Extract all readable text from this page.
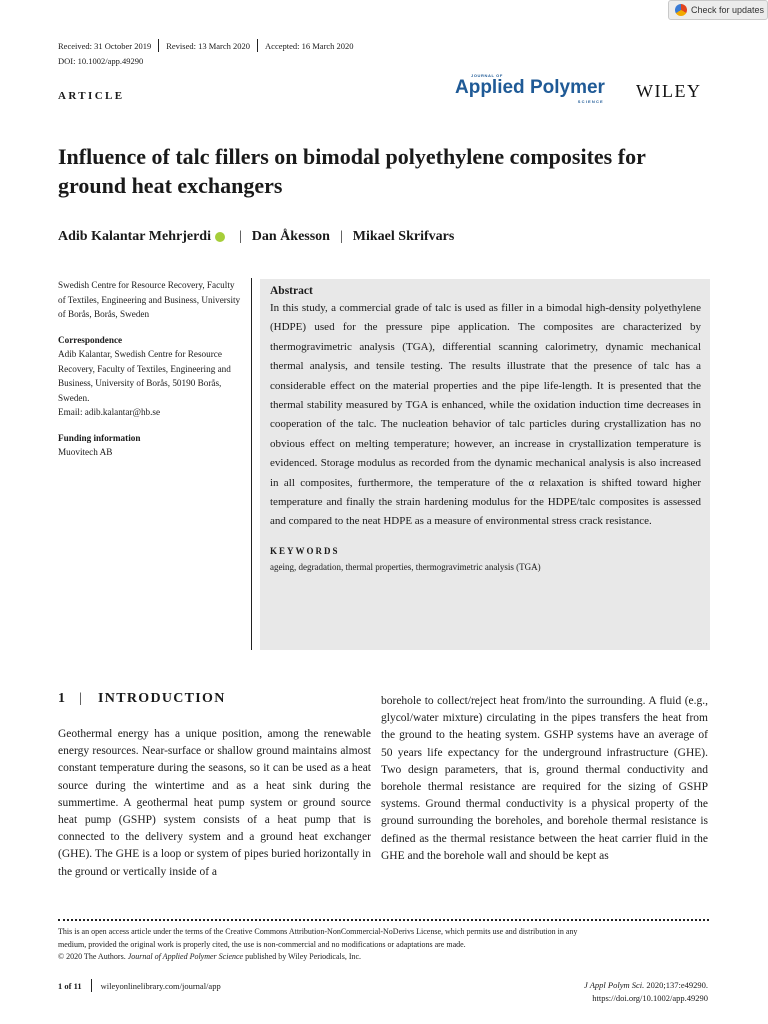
Check for updates
Received: 31 October 2019 Revised: 13 March 2020 Accepted: 16 March 2020
DOI: 10.1002/app.49290
ARTICLE
JOURNAL OF
Applied Polymer
SCIENCE
WILEY
Influence of talc fillers on bimodal polyethylene composites for ground heat exchangers
Adib Kalantar Mehrjerdi | Dan Åkesson | Mikael Skrifvars

Swedish Centre for Resource Recovery, Faculty of Textiles, Engineering and Business, University of Borås, Borås, Sweden

Correspondence
Adib Kalantar, Swedish Centre for Resource Recovery, Faculty of Textiles, Engineering and Business, University of Borås, 50190 Borås, Sweden.

Email: adib.kalantar@hb.se

Funding information
Muovitech AB
Abstract

In this study, a commercial grade of talc is used as filler in a bimodal high-density polyethylene (HDPE) used for the pressure pipe application. The composites are characterized by thermogravimetric analysis (TGA), differential scanning calorimetry, dynamic mechanical thermal analysis, and tensile testing. The results illustrate that the presence of talc has a considerable effect on the material properties and the pipe life-length. It is presented that the thermal stability measured by TGA is enhanced, while the oxidation induction time decreases in cooperation of the talc. The nucleation behavior of talc particles during crystallization has no obvious effect on melting temperature; however, an increase in crystallization temperature is evidenced. Storage modulus as recorded from the dynamic mechanical analysis is also increased in all composites, furthermore, the temperature of the α relaxation is shifted toward higher temperature and finally the strain hardening modulus for the HDPE/talc composites is assessed and compared to the neat HDPE as a measure of environmental stress crack resistance.

KEYWORDS
ageing, degradation, thermal properties, thermogravimetric analysis (TGA)
1 | INTRODUCTION
Geothermal energy has a unique position, among the renewable energy resources. Near-surface or shallow ground maintains almost constant temperature during the seasons, so it can be used as a heat source during the wintertime and as a heat sink during the summertime. A geothermal heat pump system or ground source heat pump (GSHP) system consists of a heat pump that is connected to the delivery system and a ground heat exchanger (GHE). The GHE is a loop or system of pipes buried horizontally in the ground or vertically inside of a
borehole to collect/reject heat from/into the surrounding. A fluid (e.g., glycol/water mixture) circulating in the pipes transfers the heat from the ground to the heating system. GSHP systems have an average of 50 years life expectancy for the underground infrastructure (GHE). Two design parameters, that is, ground thermal conductivity and borehole thermal resistance are required for the sizing of GSHP systems. Ground thermal conductivity is a physical property of the ground surrounding the boreholes, and borehole thermal resistance is defined as the thermal resistance between the heat carrier fluid in the GHE and the borehole wall and should be kept as
This is an open access article under the terms of the Creative Commons Attribution-NonCommercial-NoDerivs License, which permits use and distribution in any
medium, provided the original work is properly cited, the use is non-commercial and no modifications or adaptations are made.
© 2020 The Authors. Journal of Applied Polymer Science published by Wiley Periodicals, Inc.
1 of 11 wileyonlinelibrary.com/journal/app	J Appl Polym Sci. 2020;137:e49290.
https://doi.org/10.1002/app.49290
